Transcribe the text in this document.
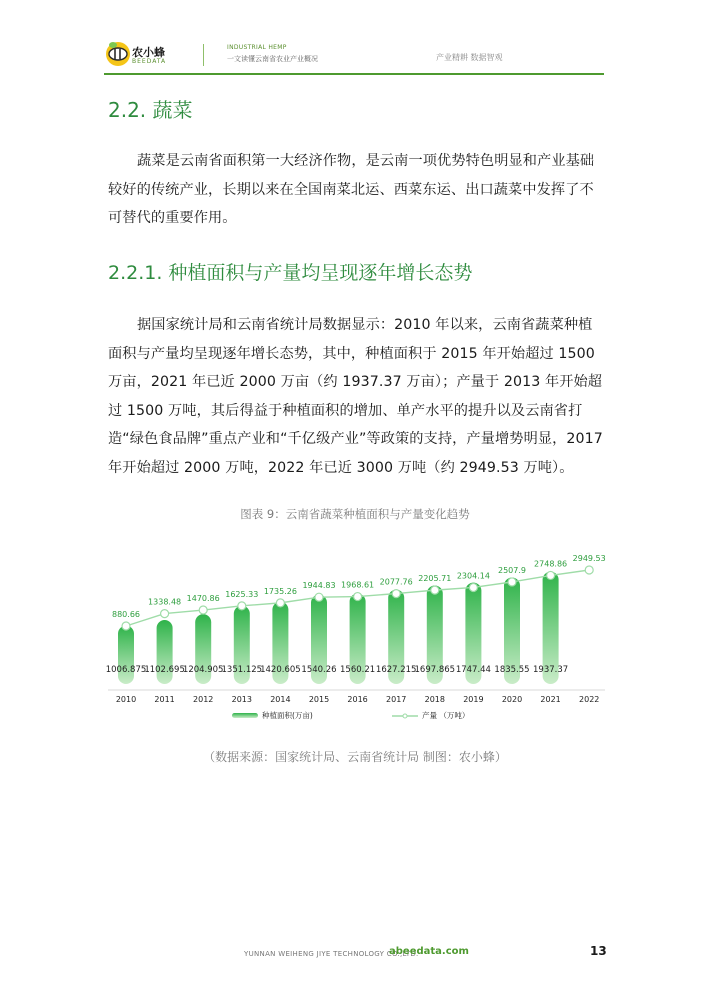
农小蜂
BEEDATA
INDUSTRIAL HEMP
一文读懂云南省农业产业概况	产业精耕 数据智观
2.2. 蔬菜
蔬菜是云南省面积第一大经济作物，是云南一项优势特色明显和产业基础较好的传统产业，长期以来在全国南菜北运、西菜东运、出口蔬菜中发挥了不可替代的重要作用。
2.2.1. 种植面积与产量均呈现逐年增长态势
据国家统计局和云南省统计局数据显示：2010 年以来，云南省蔬菜种植面积与产量均呈现逐年增长态势，其中，种植面积于 2015 年开始超过 1500 万亩，2021 年已近 2000 万亩（约 1937.37 万亩）；产量于 2013 年开始超过 1500 万吨，其后得益于种植面积的增加、单产水平的提升以及云南省打造“绿色食品牌”重点产业和“千亿级产业”等政策的支持，产量增势明显，2017 年开始超过 2000 万吨，2022 年已近 3000 万吨（约 2949.53 万吨）。
图表 9：云南省蔬菜种植面积与产量变化趋势
1006.875
1102.695
1204.905
1351.125
1420.605 1540.26 1560.21 1627.215
1697.865 1747.44 1835.55 1937.37
880.66
1338.48 1470.86 1625.33 1735.26
1944.83 1968.61 2077.76 2205.71 2304.14
2507.9
2748.86
2949.53
2010 2011 2012 2013 2014 2015 2016 2017 2018 2019 2020 2021 2022
种植面积(万亩)	产量 （万吨）
（数据来源：国家统计局、云南省统计局 制图：农小蜂）
YUNNAN WEIHENG JIYE TECHNOLOGY CO.,LTD.
abeedata.com	13
